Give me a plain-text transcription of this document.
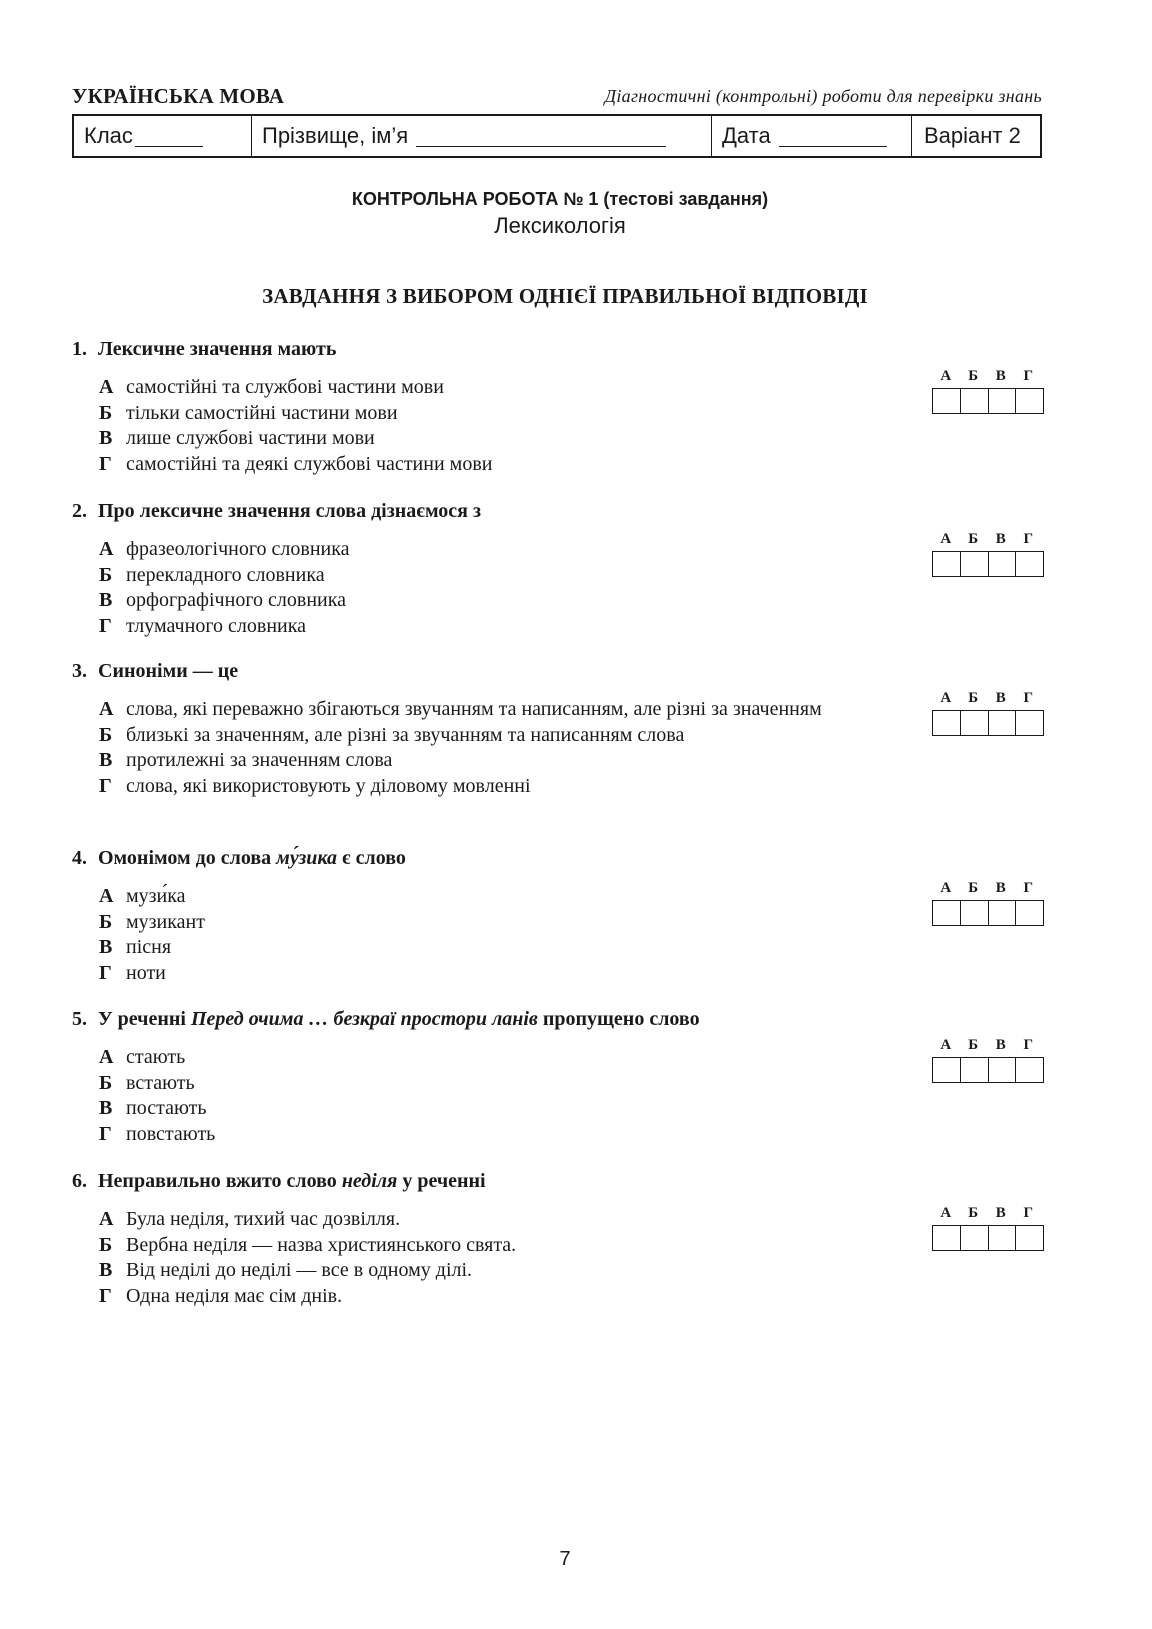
УКРАЇНСЬКА МОВА	Діагностичні (контрольні) роботи для перевірки знань
Клас	Прізвище, ім’я	Дата	Варіант 2
КОНТРОЛЬНА РОБОТА № 1 (тестові завдання)
Лексикологія
ЗАВДАННЯ З ВИБОРОМ ОДНІЄЇ ПРАВИЛЬНОЇ ВІДПОВІДІ
1. Лексичне значення мають
А самостійні та службові частини мови
Б тільки самостійні частини мови
В лише службові частини мови
Г самостійні та деякі службові частини мови
А	Б	В	Г
2. Про лексичне значення слова дізнаємося з
А фразеологічного словника
Б перекладного словника
В орфографічного словника
Г тлумачного словника
А	Б	В	Г
3. Синоніми — це
А слова, які переважно збігаються звучанням та написанням, але різні за значенням
Б близькі за значенням, але різні за звучанням та написанням слова
В протилежні за значенням слова
Г слова, які використовують у діловому мовленні
А	Б	В	Г
4. Омонімом до слова му́зика є слово
А музи́ка
Б музикант
В пісня
Г ноти
А	Б	В	Г
5. У реченні Перед очима … безкраї простори ланів пропущено слово
А стають
Б встають
В постають
Г повстають
А	Б	В	Г
6. Неправильно вжито слово неділя у реченні
А Була неділя, тихий час дозвілля.
Б Вербна неділя — назва християнського свята.
В Від неділі до неділі — все в одному ділі.
Г Одна неділя має сім днів.
А	Б	В	Г
7
